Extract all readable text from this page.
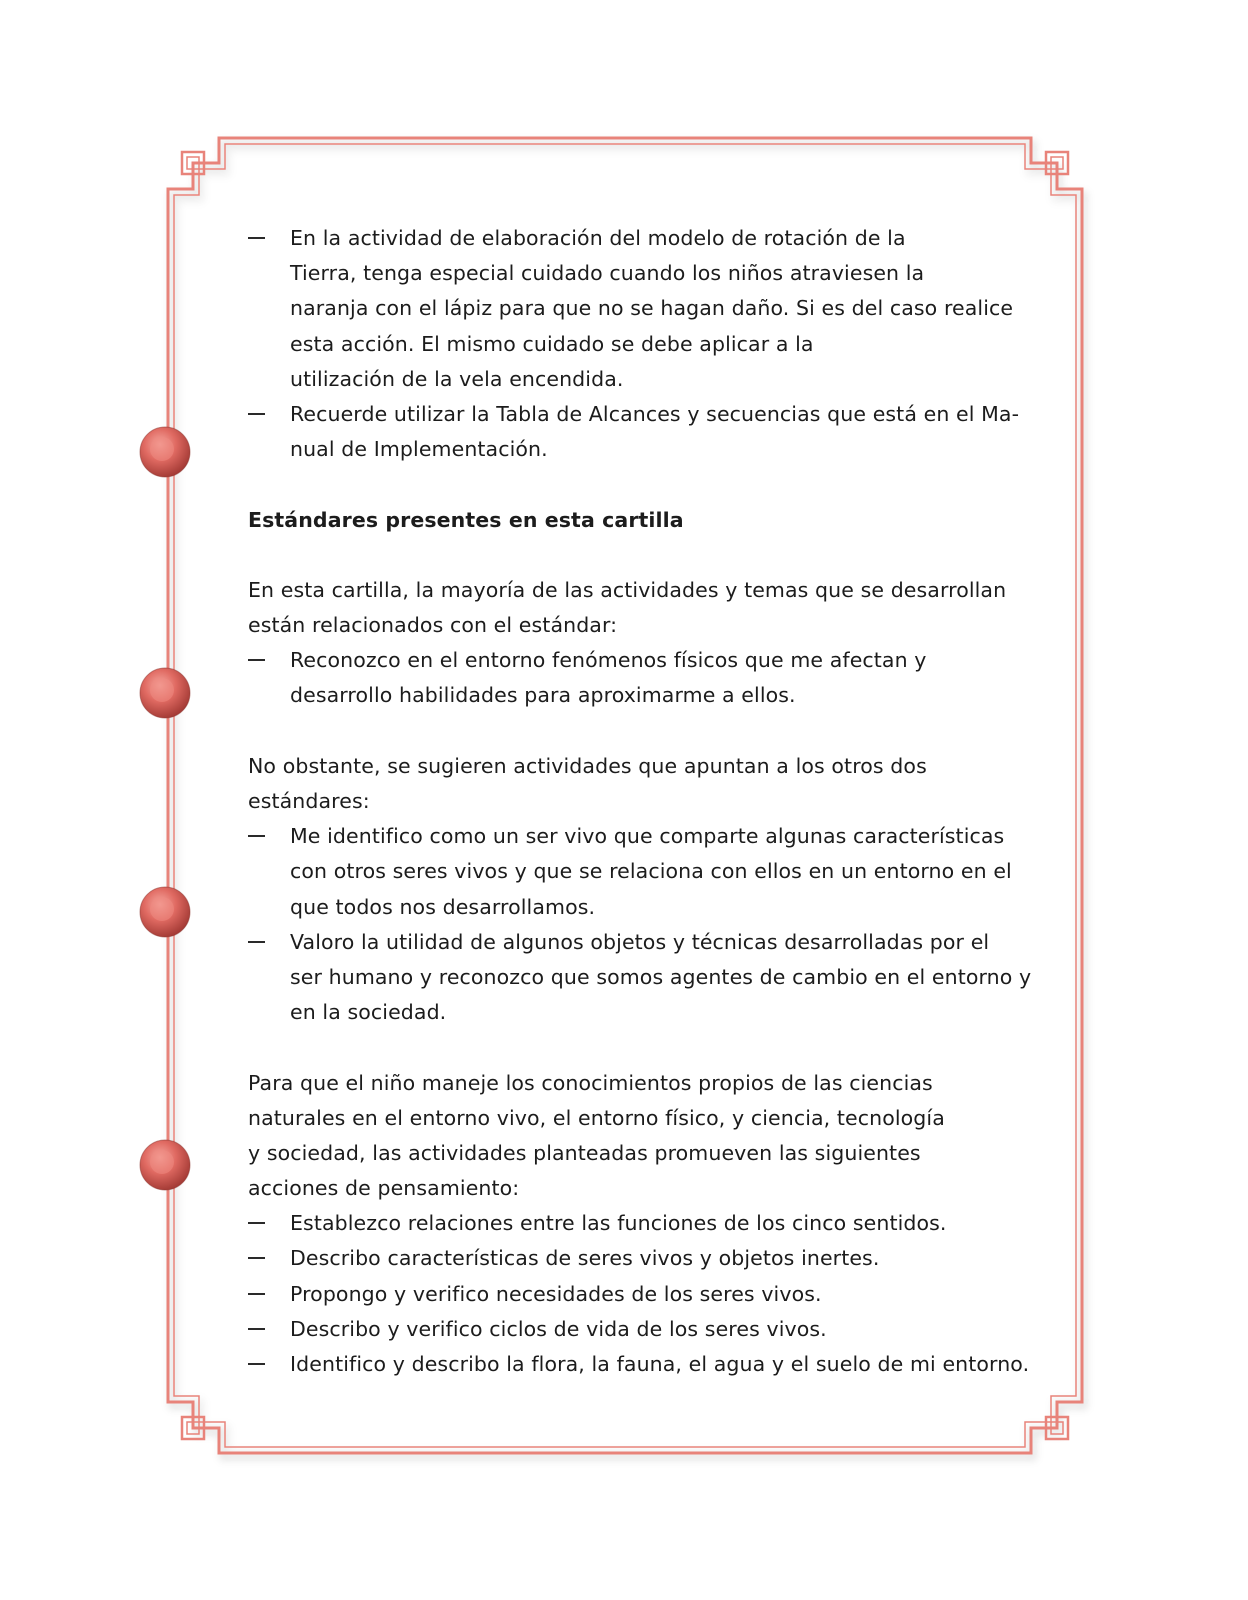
En la actividad de elaboración del modelo de rotación de la
Tierra, tenga especial cuidado cuando los niños atraviesen la
naranja con el lápiz para que no se hagan daño. Si es del caso realice
esta acción. El mismo cuidado se debe aplicar a la
utilización de la vela encendida.
Recuerde utilizar la Tabla de Alcances y secuencias que está en el Ma-
nual de Implementación.
Estándares presentes en esta cartilla
En esta cartilla, la mayoría de las actividades y temas que se desarrollan
están relacionados con el estándar:
Reconozco en el entorno fenómenos físicos que me afectan y
desarrollo habilidades para aproximarme a ellos.
No obstante, se sugieren actividades que apuntan a los otros dos
estándares:
Me identifico como un ser vivo que comparte algunas características
con otros seres vivos y que se relaciona con ellos en un entorno en el
que todos nos desarrollamos.
Valoro la utilidad de algunos objetos y técnicas desarrolladas por el
ser humano y reconozco que somos agentes de cambio en el entorno y
en la sociedad.
Para que el niño maneje los conocimientos propios de las ciencias
naturales en el entorno vivo, el entorno físico, y ciencia, tecnología
y sociedad, las actividades planteadas promueven las siguientes
acciones de pensamiento:
Establezco relaciones entre las funciones de los cinco sentidos.
Describo características de seres vivos y objetos inertes.
Propongo y verifico necesidades de los seres vivos.
Describo y verifico ciclos de vida de los seres vivos.
Identifico y describo la flora, la fauna, el agua y el suelo de mi entorno.
